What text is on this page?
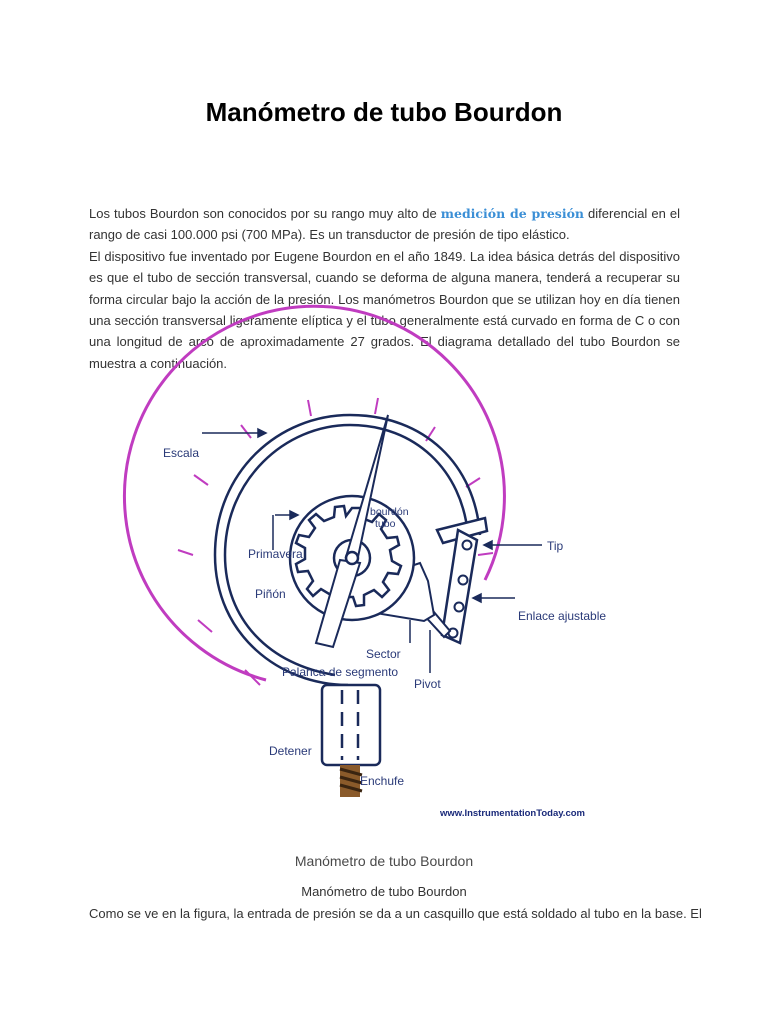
Manómetro de tubo Bourdon

Los tubos Bourdon son conocidos por su rango muy alto de medición de presión diferencial en el rango de casi 100.000 psi (700 MPa). Es un transductor de presión de tipo elástico.
El dispositivo fue inventado por Eugene Bourdon en el año 1849. La idea básica detrás del dispositivo es que el tubo de sección transversal, cuando se deforma de alguna manera, tenderá a recuperar su forma circular bajo la acción de la presión. Los manómetros Bourdon que se utilizan hoy en día tienen una sección transversal ligeramente elíptica y el tubo generalmente está curvado en forma de C o con una longitud de arco de aproximadamente 27 grados. El diagrama detallado del tubo Bourdon se muestra a continuación.

Escala
bourdón
tubo
Tip
Primavera
Piñón
Enlace ajustable
Sector
Palanca de segmento
Pivot
Detener
Enchufe
www.InstrumentationToday.com

Manómetro de tubo Bourdon

Manómetro de tubo Bourdon

Como se ve en la figura, la entrada de presión se da a un casquillo que está soldado al tubo en la base. El
